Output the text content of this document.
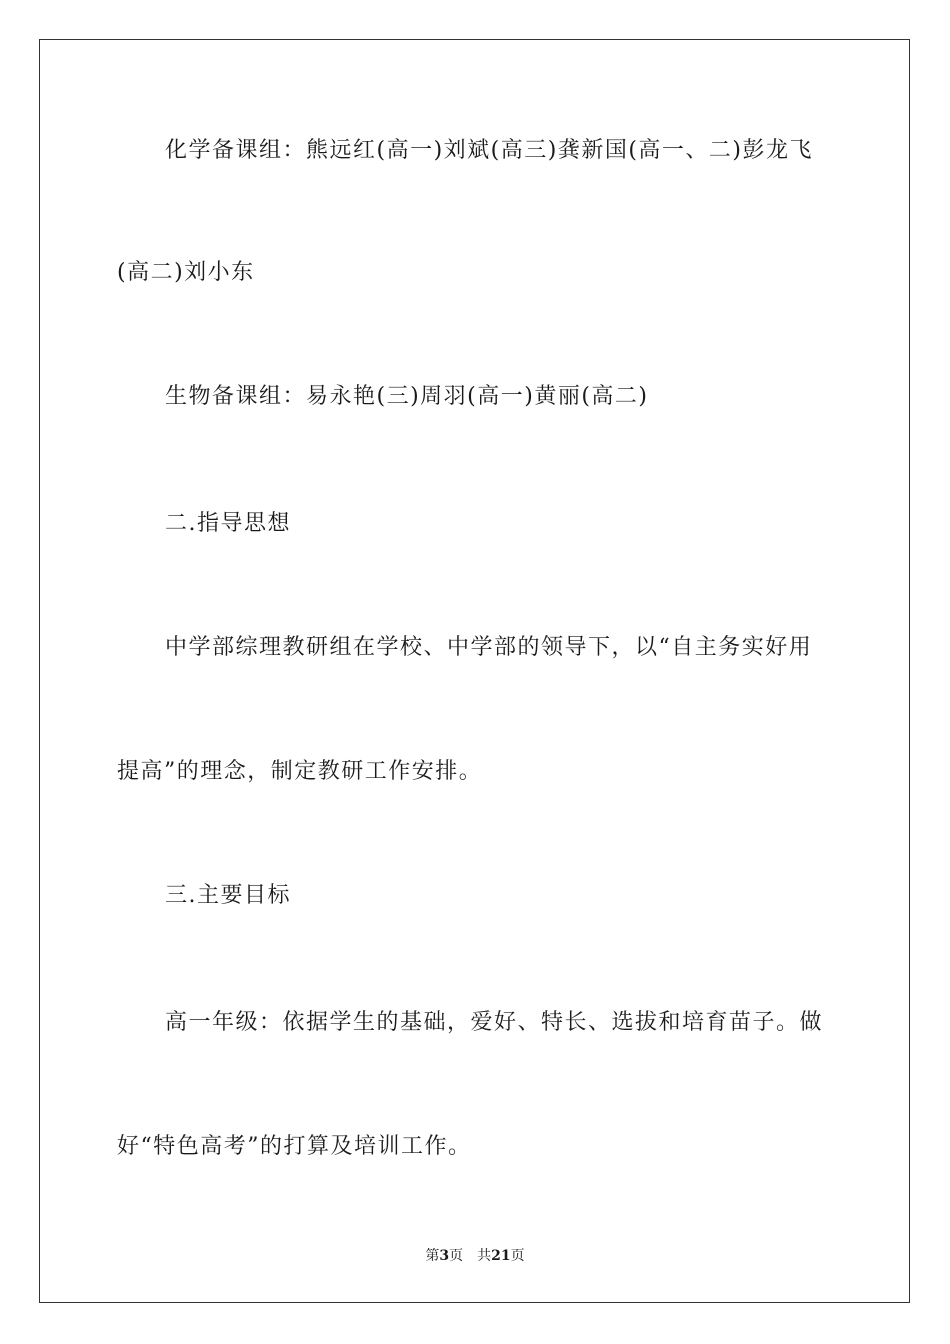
化学备课组：熊远红(高一)刘斌(高三)龚新国(高一、二)彭龙飞
(高二)刘小东
生物备课组：易永艳(三)周羽(高一)黄丽(高二)
二.指导思想
中学部综理教研组在学校、中学部的领导下，以“自主务实好用
提高”的理念，制定教研工作安排。
三.主要目标
高一年级：依据学生的基础，爱好、特长、选拔和培育苗子。做
好“特色高考”的打算及培训工作。
第3页 共21页
